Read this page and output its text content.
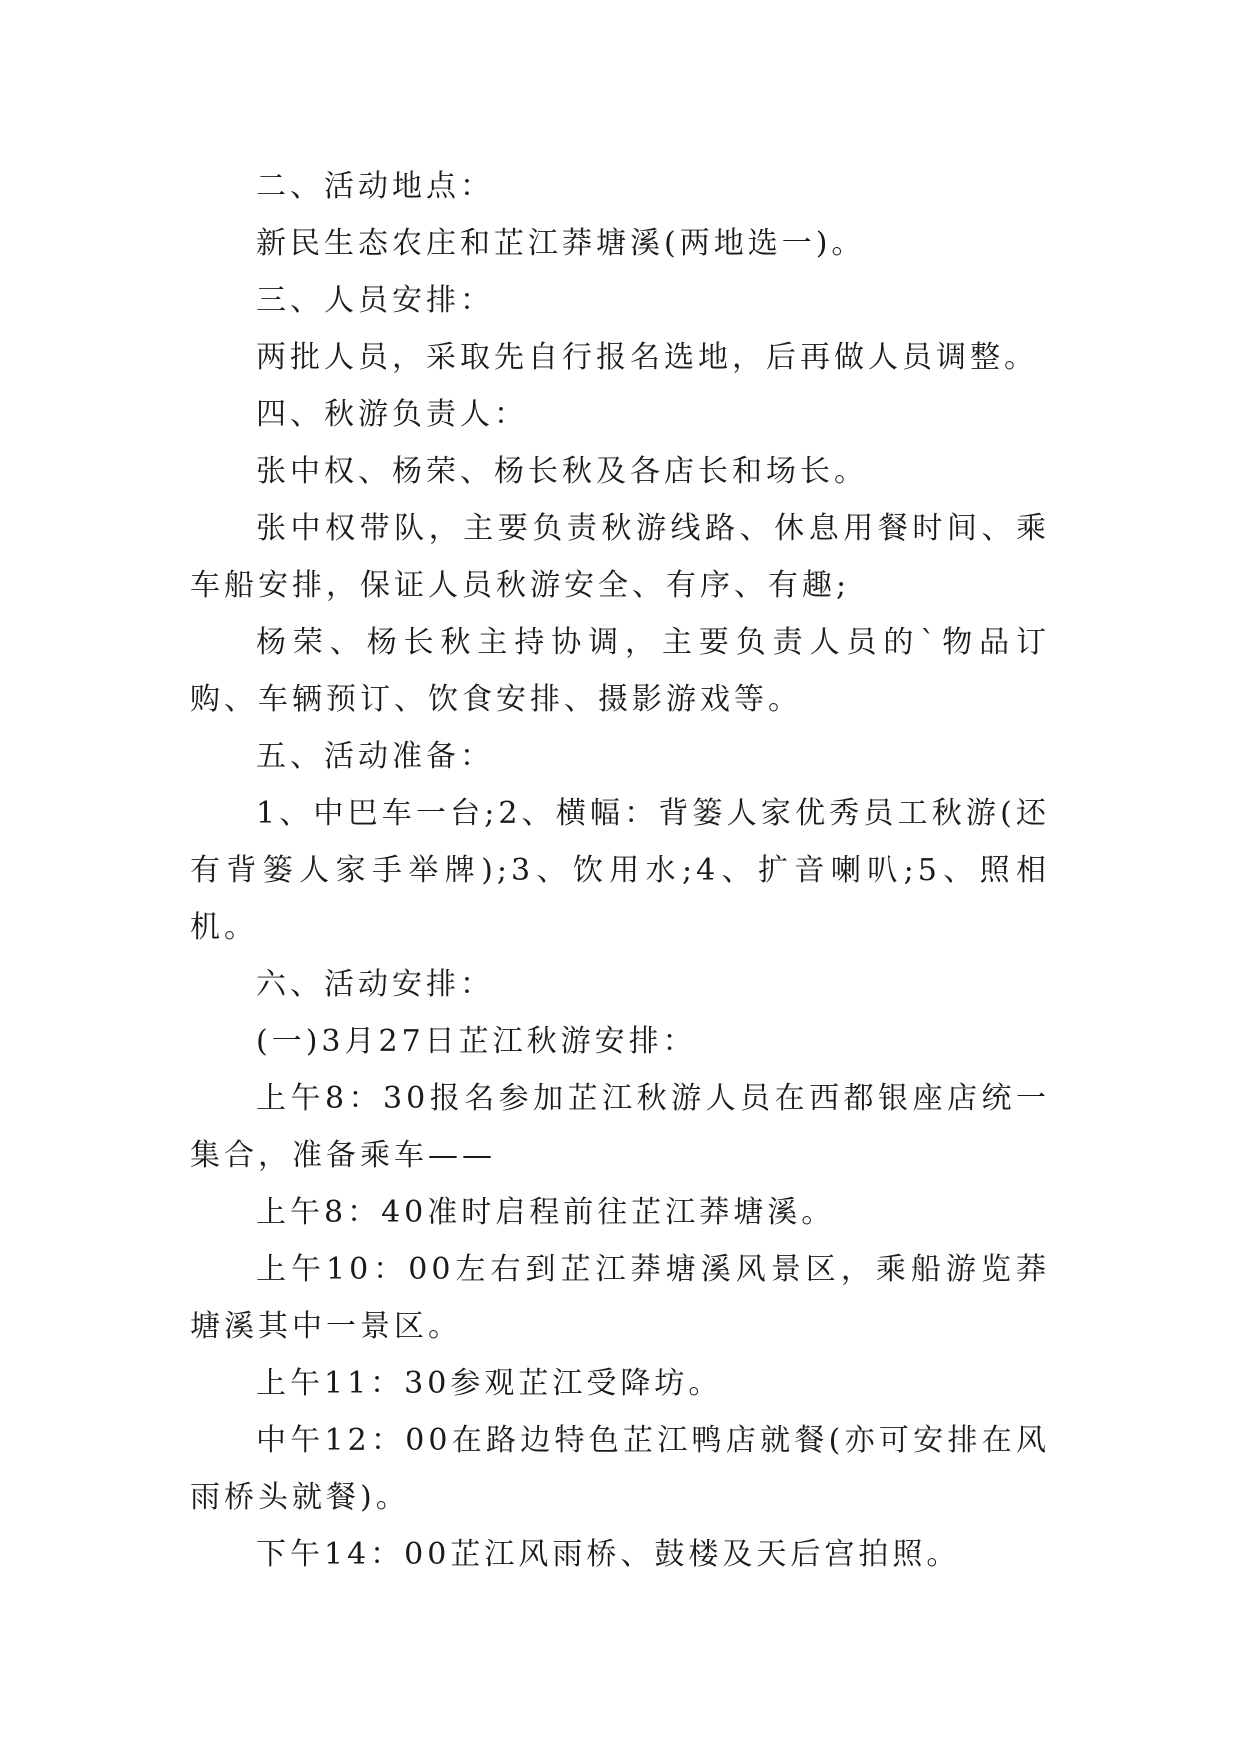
二、活动地点：

新民生态农庄和芷江莽塘溪(两地选一)。

三、人员安排：

两批人员，采取先自行报名选地，后再做人员调整。

四、秋游负责人：

张中权、杨荣、杨长秋及各店长和场长。

张中权带队，主要负责秋游线路、休息用餐时间、乘车船安排，保证人员秋游安全、有序、有趣;

杨荣、杨长秋主持协调，主要负责人员的`物品订购、车辆预订、饮食安排、摄影游戏等。

五、活动准备：

1、中巴车一台;2、横幅：背篓人家优秀员工秋游(还有背篓人家手举牌);3、饮用水;4、扩音喇叭;5、照相机。

六、活动安排：

(一)3月27日芷江秋游安排：

上午8：30报名参加芷江秋游人员在西都银座店统一集合，准备乘车——

上午8：40准时启程前往芷江莽塘溪。

上午10：00左右到芷江莽塘溪风景区，乘船游览莽塘溪其中一景区。

上午11：30参观芷江受降坊。

中午12：00在路边特色芷江鸭店就餐(亦可安排在风雨桥头就餐)。

下午14：00芷江风雨桥、鼓楼及天后宫拍照。
